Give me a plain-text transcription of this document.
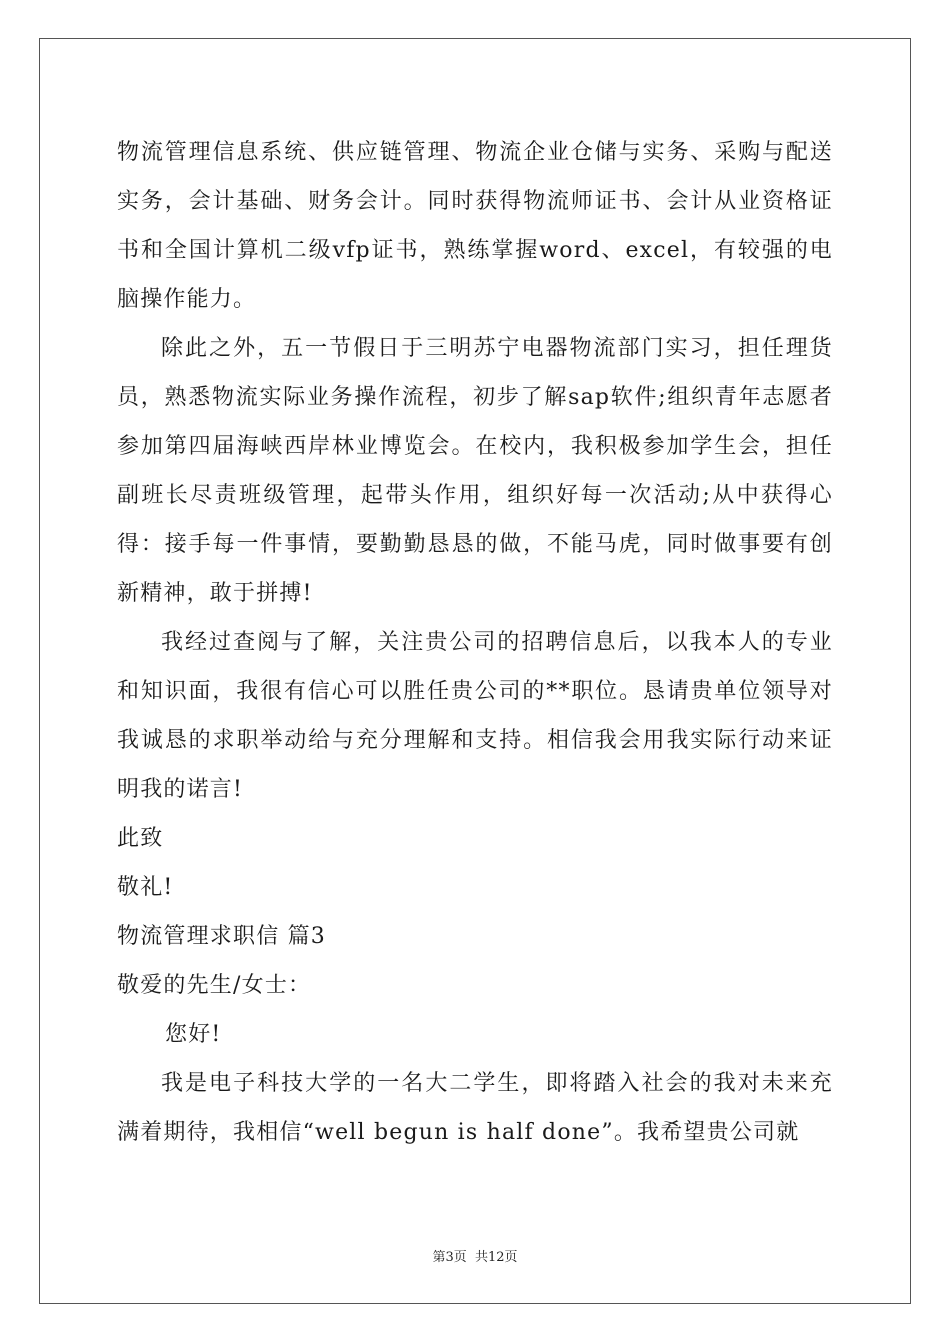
物流管理信息系统、供应链管理、物流企业仓储与实务、采购与配送实务，会计基础、财务会计。同时获得物流师证书、会计从业资格证书和全国计算机二级vfp证书，熟练掌握word、excel，有较强的电脑操作能力。

除此之外，五一节假日于三明苏宁电器物流部门实习，担任理货员，熟悉物流实际业务操作流程，初步了解sap软件;组织青年志愿者参加第四届海峡西岸林业博览会。在校内，我积极参加学生会，担任副班长尽责班级管理，起带头作用，组织好每一次活动;从中获得心得：接手每一件事情，要勤勤恳恳的做，不能马虎，同时做事要有创新精神，敢于拼搏!

我经过查阅与了解，关注贵公司的招聘信息后，以我本人的专业和知识面，我很有信心可以胜任贵公司的**职位。恳请贵单位领导对我诚恳的求职举动给与充分理解和支持。相信我会用我实际行动来证明我的诺言!

此致

敬礼!

物流管理求职信 篇3

敬爱的先生/女士：

您好!

我是电子科技大学的一名大二学生，即将踏入社会的我对未来充满着期待，我相信“well begun is half done”。我希望贵公司就

第3页 共12页
